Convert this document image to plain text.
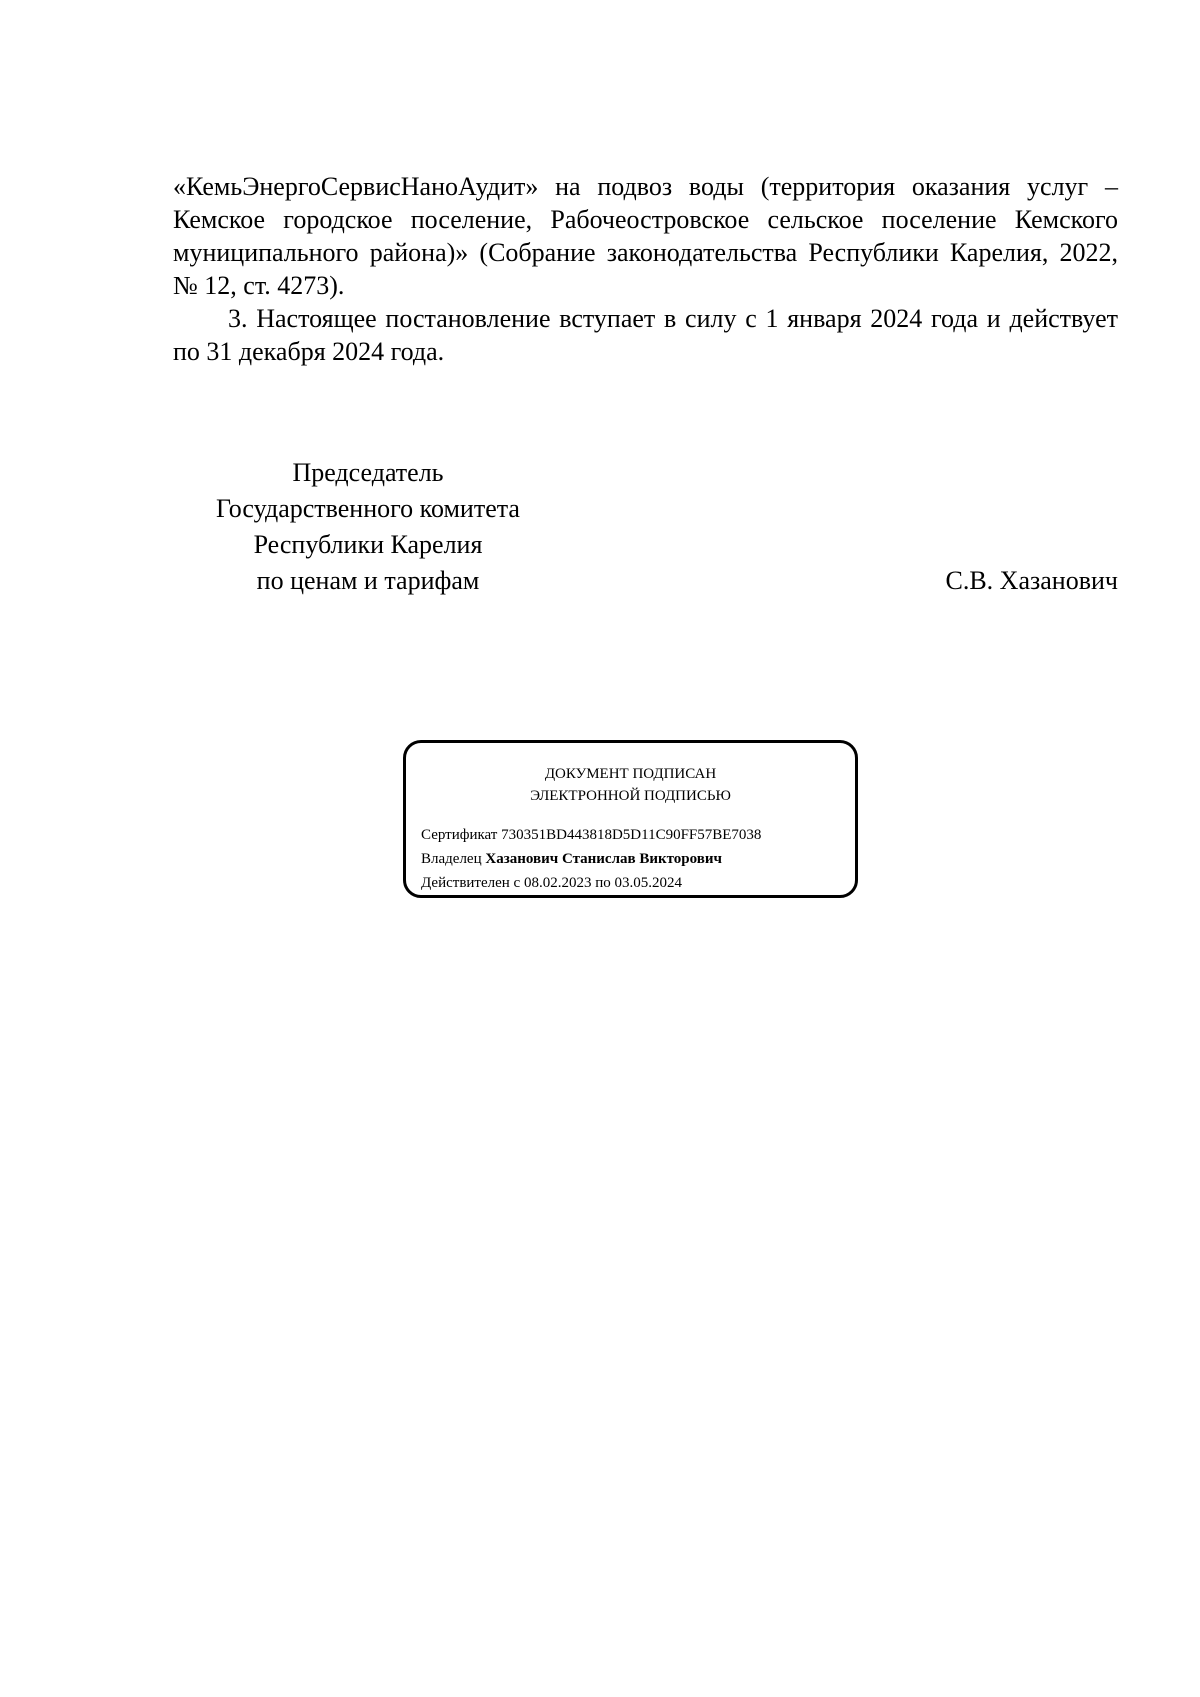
«КемьЭнергоСервисНаноАудит» на подвоз воды (территория оказания услуг – Кемское городское поселение, Рабочеостровское сельское поселение Кемского муниципального района)» (Собрание законодательства Республики Карелия, 2022, № 12, ст. 4273).

3. Настоящее постановление вступает в силу с 1 января 2024 года и действует по 31 декабря 2024 года.

Председатель
Государственного комитета
Республики Карелия
по ценам и тарифам	С.В. Хазанович
ДОКУМЕНТ ПОДПИСАН
ЭЛЕКТРОННОЙ ПОДПИСЬЮ
Сертификат 730351BD443818D5D11C90FF57BE7038
Владелец Хазанович Станислав Викторович
Действителен с 08.02.2023 по 03.05.2024
